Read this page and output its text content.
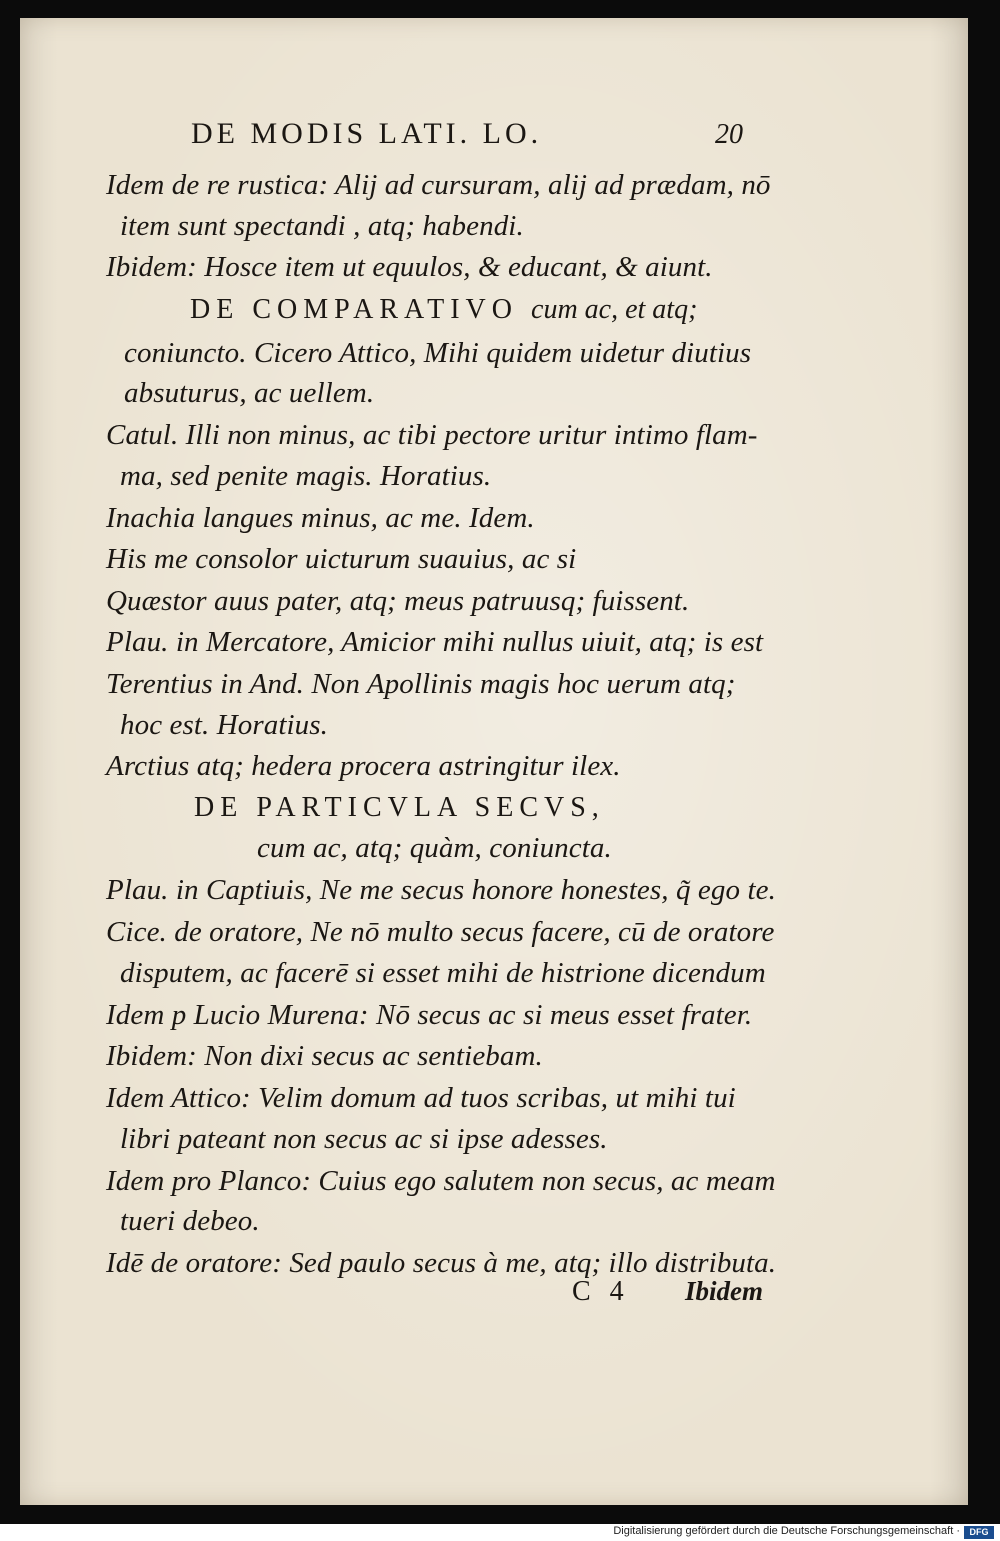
DE MODIS LATI. LO.	20
Idem de re rustica: Alij ad cursuram, alij ad prædam, nō
item sunt spectandi , atq; habendi.
Ibidem: Hosce item ut equulos, & educant, & aiunt.
DE COMPARATIVO cum ac, et atq;
coniuncto. Cicero Attico, Mihi quidem uidetur diutius
absuturus, ac uellem.
Catul. Illi non minus, ac tibi pectore uritur intimo flam-
ma, sed penite magis. Horatius.
Inachia langues minus, ac me. Idem.
His me consolor uicturum suauius, ac si
Quæstor auus pater, atq; meus patruusq; fuissent.
Plau. in Mercatore, Amicior mihi nullus uiuit, atq; is est
Terentius in And. Non Apollinis magis hoc uerum atq;
hoc est. Horatius.
Arctius atq; hedera procera astringitur ilex.
DE PARTICVLA SECVS,
cum ac, atq; quàm, coniuncta.
Plau. in Captiuis, Ne me secus honore honestes, q̃ ego te.
Cice. de oratore, Ne nō multo secus facere, cū de oratore
disputem, ac facerē si esset mihi de histrione dicendum
Idem p Lucio Murena: Nō secus ac si meus esset frater.
Ibidem: Non dixi secus ac sentiebam.
Idem Attico: Velim domum ad tuos scribas, ut mihi tui
libri pateant non secus ac si ipse adesses.
Idem pro Planco: Cuius ego salutem non secus, ac meam
tueri debeo.
Idē de oratore: Sed paulo secus à me, atq; illo distributa.
C 4 Ibidem
Digitalisierung gefördert durch die Deutsche Forschungsgemeinschaft ·	DFG
